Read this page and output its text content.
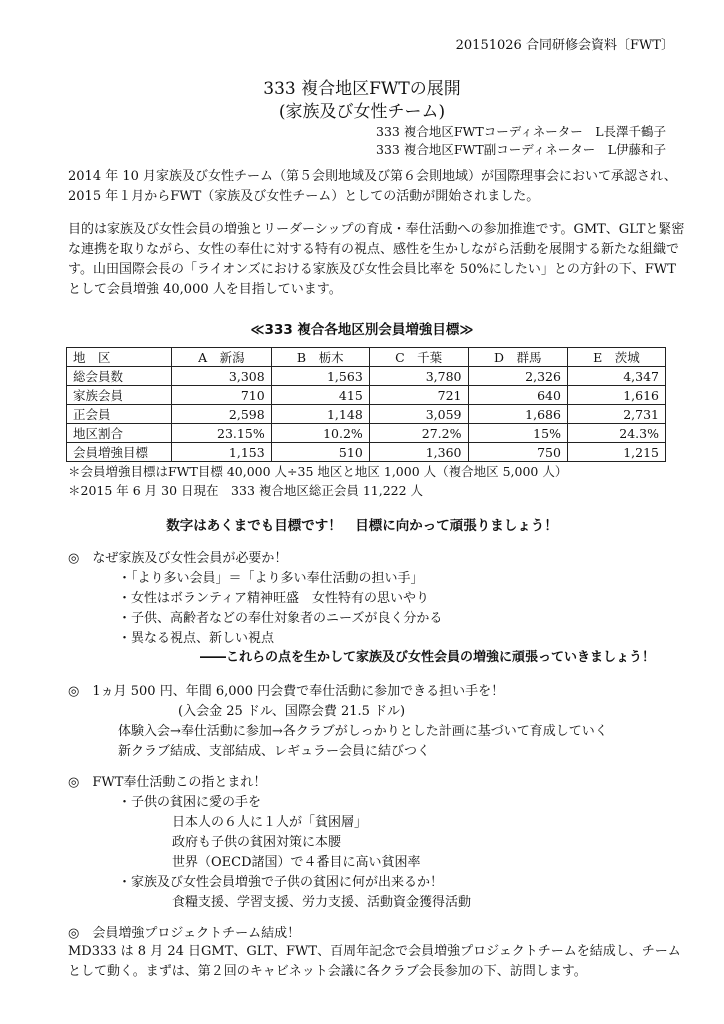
20151026 合同研修会資料〔FWT〕
333 複合地区FWTの展開
(家族及び女性チーム)
333 複合地区FWTコーディネーター　L長澤千鶴子
333 複合地区FWT副コーディネーター　L伊藤和子
2014 年 10 月家族及び女性チーム（第５会則地域及び第６会則地域）が国際理事会において承認され、2015 年１月からFWT（家族及び女性チーム）としての活動が開始されました。
目的は家族及び女性会員の増強とリーダーシップの育成・奉仕活動への参加推進です。GMT、GLTと緊密な連携を取りながら、女性の奉仕に対する特有の視点、感性を生かしながら活動を展開する新たな組織です。山田国際会長の「ライオンズにおける家族及び女性会員比率を 50%にしたい」との方針の下、FWTとして会員増強 40,000 人を目指しています。
≪333 複合各地区別会員増強目標≫
地　区	A　新潟	B　栃木	C　千葉	D　群馬	E　茨城
総会員数	3,308	1,563	3,780	2,326	4,347
家族会員	710	415	721	640	1,616
正会員	2,598	1,148	3,059	1,686	2,731
地区割合	23.15%	10.2%	27.2%	15%	24.3%
会員増強目標	1,153	510	1,360	750	1,215
＊会員増強目標はFWT目標 40,000 人÷35 地区と地区 1,000 人（複合地区 5,000 人）
＊2015 年 6 月 30 日現在　333 複合地区総正会員 11,222 人
数字はあくまでも目標です！　目標に向かって頑張りましょう！
◎　なぜ家族及び女性会員が必要か！
・「より多い会員」＝「より多い奉仕活動の担い手」
・女性はボランティア精神旺盛　女性特有の思いやり
・子供、高齢者などの奉仕対象者のニーズが良く分かる
・異なる視点、新しい視点
――これらの点を生かして家族及び女性会員の増強に頑張っていきましょう！
◎　1ヵ月 500 円、年間 6,000 円会費で奉仕活動に参加できる担い手を！
(入会金 25 ドル、国際会費 21.5 ドル)
体験入会→奉仕活動に参加→各クラブがしっかりとした計画に基づいて育成していく
新クラブ結成、支部結成、レギュラー会員に結びつく
◎　FWT奉仕活動この指とまれ！
・子供の貧困に愛の手を
日本人の６人に１人が「貧困層」
政府も子供の貧困対策に本腰
世界（OECD諸国）で４番目に高い貧困率
・家族及び女性会員増強で子供の貧困に何が出来るか！
食糧支援、学習支援、労力支援、活動資金獲得活動
◎　会員増強プロジェクトチーム結成！
MD333 は 8 月 24 日GMT、GLT、FWT、百周年記念で会員増強プロジェクトチームを結成し、チームとして動く。まずは、第２回のキャビネット会議に各クラブ会長参加の下、訪問します。
